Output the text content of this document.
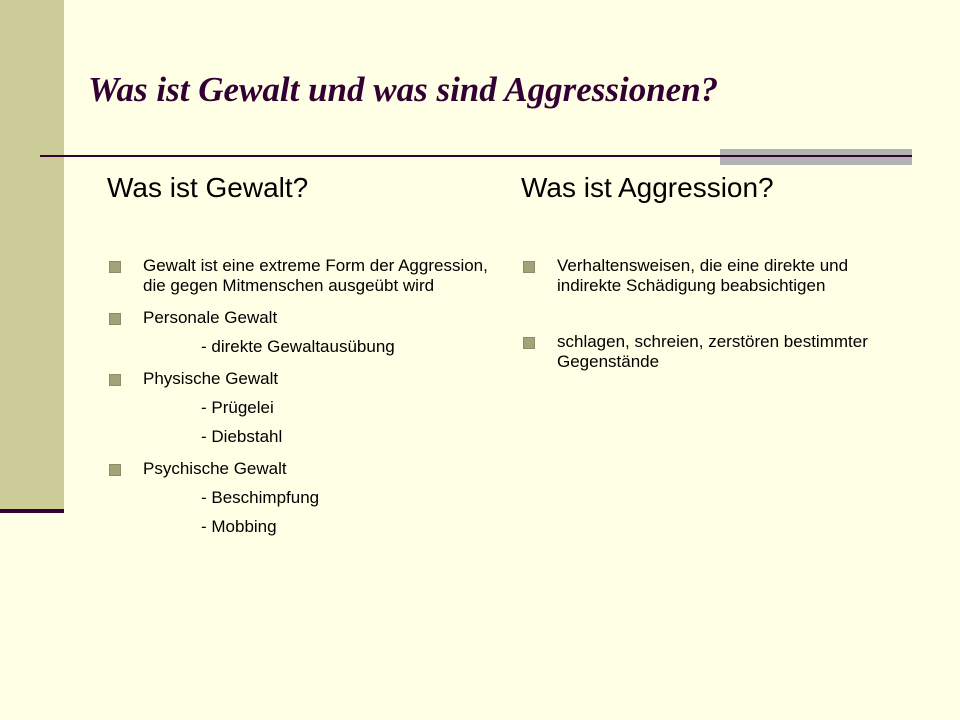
Was ist Gewalt und was sind Aggressionen?
Was ist Gewalt?
Gewalt ist eine extreme Form der Aggression, die gegen Mitmenschen ausgeübt wird
Personale Gewalt
- direkte Gewaltausübung
Physische Gewalt
- Prügelei
- Diebstahl
Psychische Gewalt
- Beschimpfung
- Mobbing
Was ist Aggression?
Verhaltensweisen, die eine direkte und indirekte Schädigung beabsichtigen
schlagen, schreien, zerstören bestimmter Gegenstände
